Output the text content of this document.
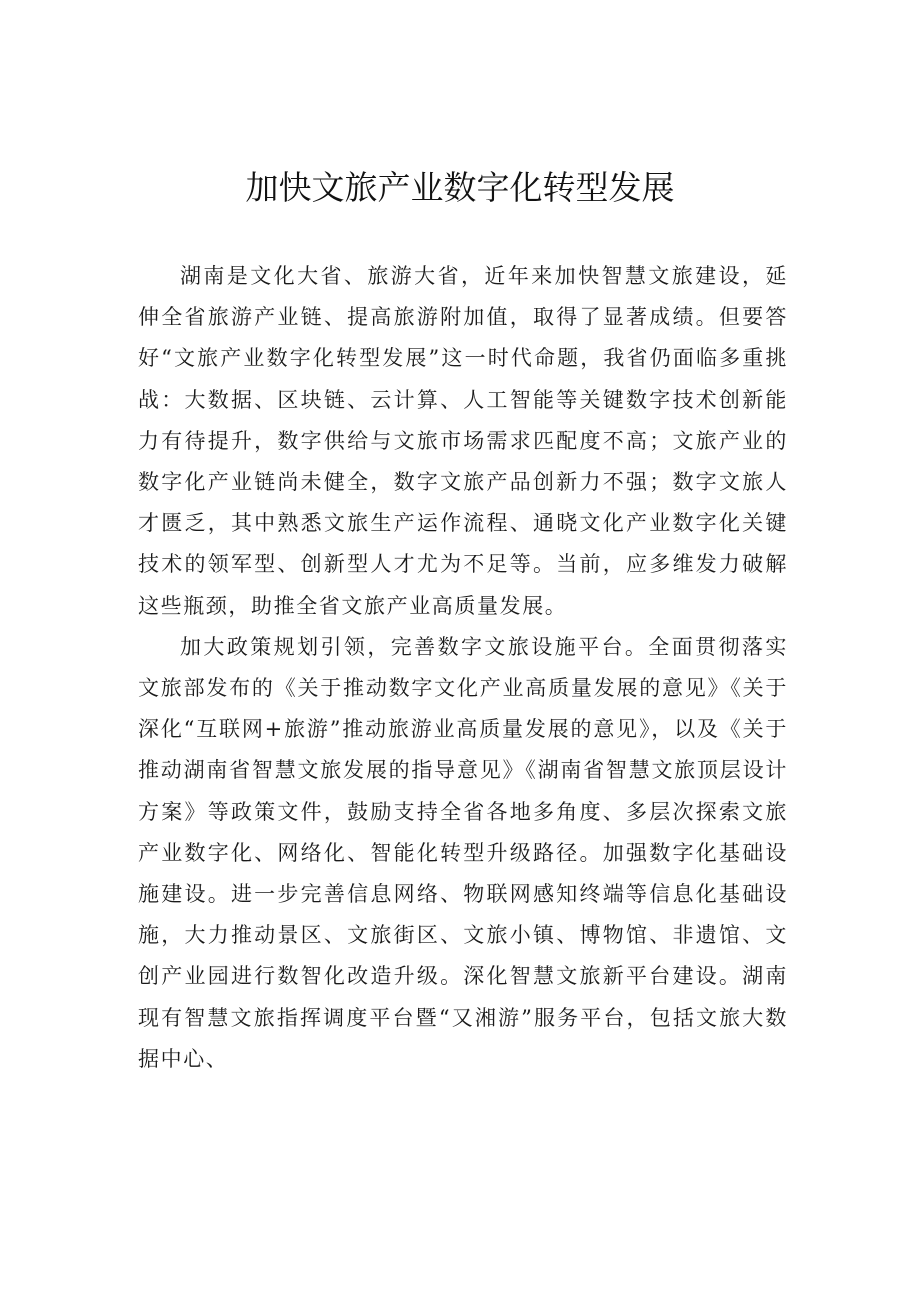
加快文旅产业数字化转型发展

湖南是文化大省、旅游大省，近年来加快智慧文旅建设，延伸全省旅游产业链、提高旅游附加值，取得了显著成绩。但要答好“文旅产业数字化转型发展”这一时代命题，我省仍面临多重挑战：大数据、区块链、云计算、人工智能等关键数字技术创新能力有待提升，数字供给与文旅市场需求匹配度不高；文旅产业的数字化产业链尚未健全，数字文旅产品创新力不强；数字文旅人才匮乏，其中熟悉文旅生产运作流程、通晓文化产业数字化关键技术的领军型、创新型人才尤为不足等。当前，应多维发力破解这些瓶颈，助推全省文旅产业高质量发展。

加大政策规划引领，完善数字文旅设施平台。全面贯彻落实文旅部发布的《关于推动数字文化产业高质量发展的意见》《关于深化“互联网+旅游”推动旅游业高质量发展的意见》，以及《关于推动湖南省智慧文旅发展的指导意见》《湖南省智慧文旅顶层设计方案》等政策文件，鼓励支持全省各地多角度、多层次探索文旅产业数字化、网络化、智能化转型升级路径。加强数字化基础设施建设。进一步完善信息网络、物联网感知终端等信息化基础设施，大力推动景区、文旅街区、文旅小镇、博物馆、非遗馆、文创产业园进行数智化改造升级。深化智慧文旅新平台建设。湖南现有智慧文旅指挥调度平台暨“又湘游”服务平台，包括文旅大数据中心、
